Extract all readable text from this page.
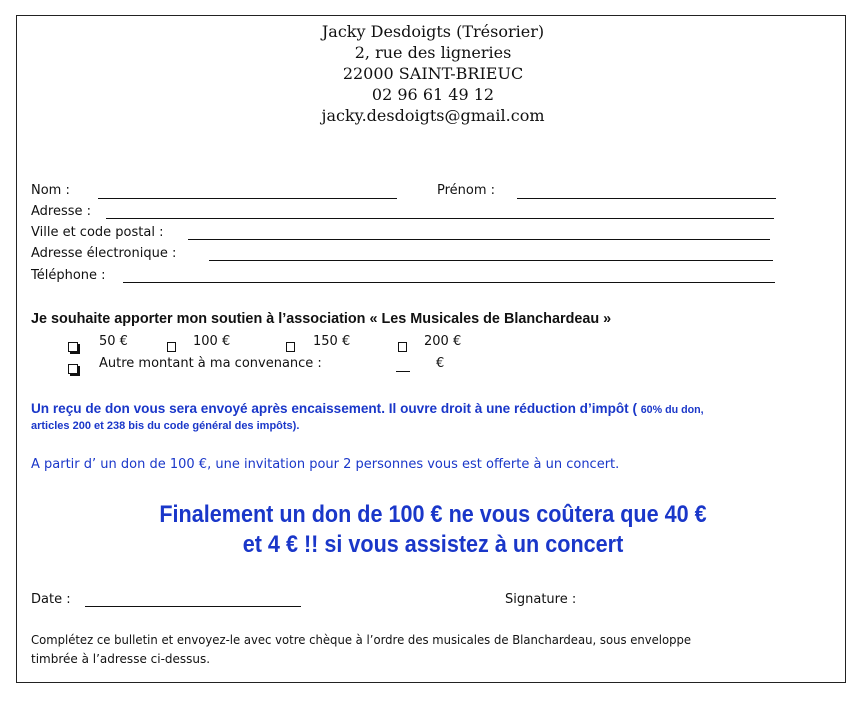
Jacky Desdoigts (Trésorier)
2, rue des ligneries
22000 SAINT-BRIEUC
02 96 61 49 12
jacky.desdoigts@gmail.com
Nom :	Prénom :
Adresse :
Ville et code postal :
Adresse électronique :
Téléphone :
Je souhaite apporter mon soutien à l’association « Les Musicales de Blanchardeau »
50 €	100 €	150 €	200 €
Autre montant à ma convenance :	€
Un reçu de don vous sera envoyé après encaissement. Il ouvre droit à une réduction d’impôt ( 60% du don,
articles 200 et 238 bis du code général des impôts).
A partir d’ un don de 100 €, une invitation pour 2 personnes vous est offerte à un concert.
Finalement un don de 100 € ne vous coûtera que 40 €
et 4 € !! si vous assistez à un concert
Date :	Signature :
Complétez ce bulletin et envoyez-le avec votre chèque à l’ordre des musicales de Blanchardeau, sous enveloppe
timbrée à l’adresse ci-dessus.
